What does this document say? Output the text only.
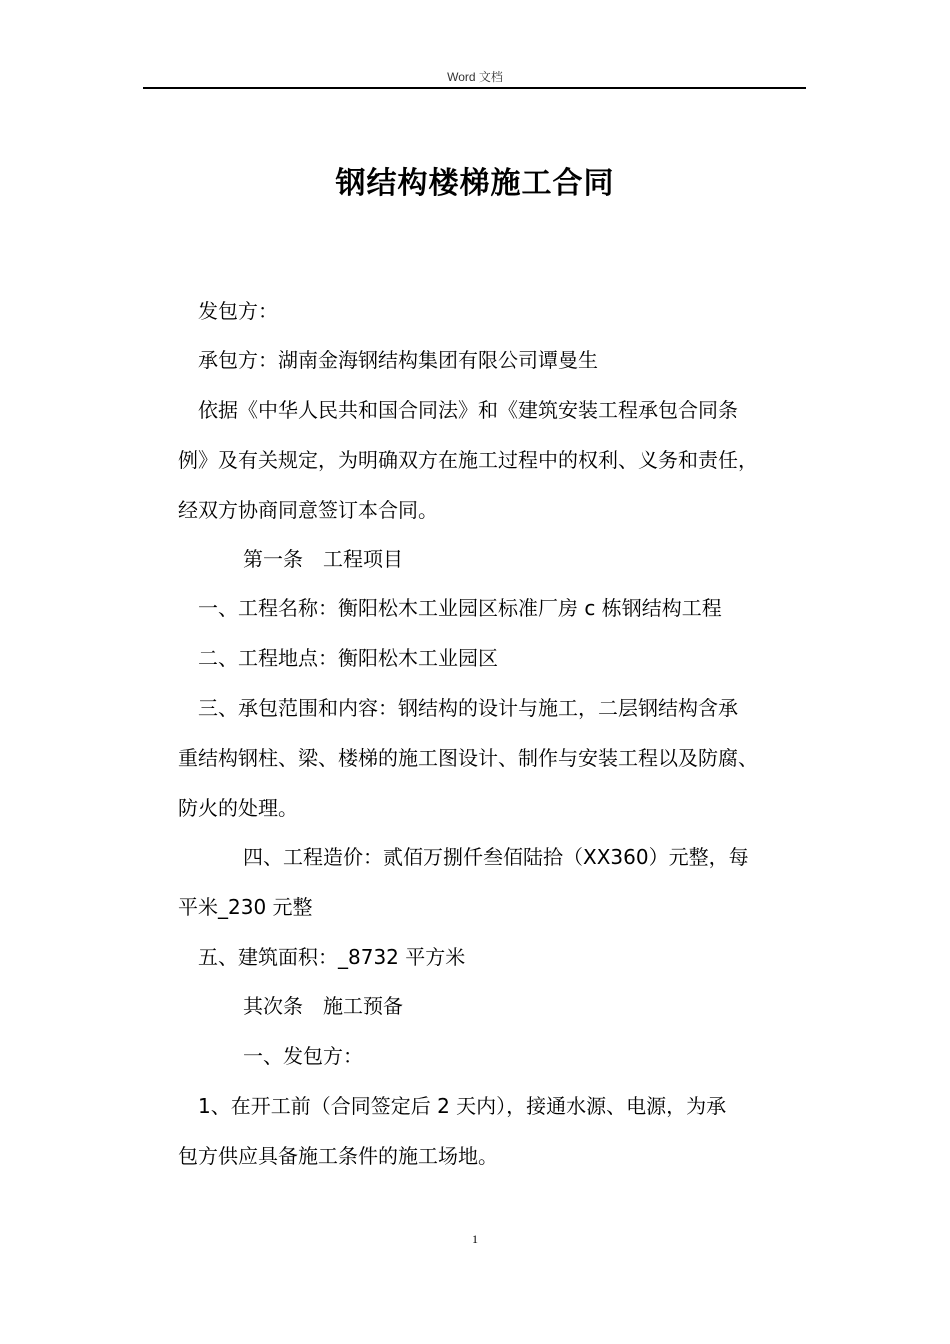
Word 文档
钢结构楼梯施工合同
发包方：
承包方：湖南金海钢结构集团有限公司谭曼生
依据《中华人民共和国合同法》和《建筑安装工程承包合同条
例》及有关规定，为明确双方在施工过程中的权利、义务和责任，
经双方协商同意签订本合同。
第一条　工程项目
一、工程名称：衡阳松木工业园区标准厂房 c 栋钢结构工程
二、工程地点：衡阳松木工业园区
三、承包范围和内容：钢结构的设计与施工，二层钢结构含承
重结构钢柱、梁、楼梯的施工图设计、制作与安装工程以及防腐、
防火的处理。
四、工程造价：贰佰万捌仟叁佰陆拾（XX360）元整，每
平米_230 元整
五、建筑面积：_8732 平方米
其次条　施工预备
一、发包方：
1、在开工前（合同签定后 2 天内），接通水源、电源，为承
包方供应具备施工条件的施工场地。
1
